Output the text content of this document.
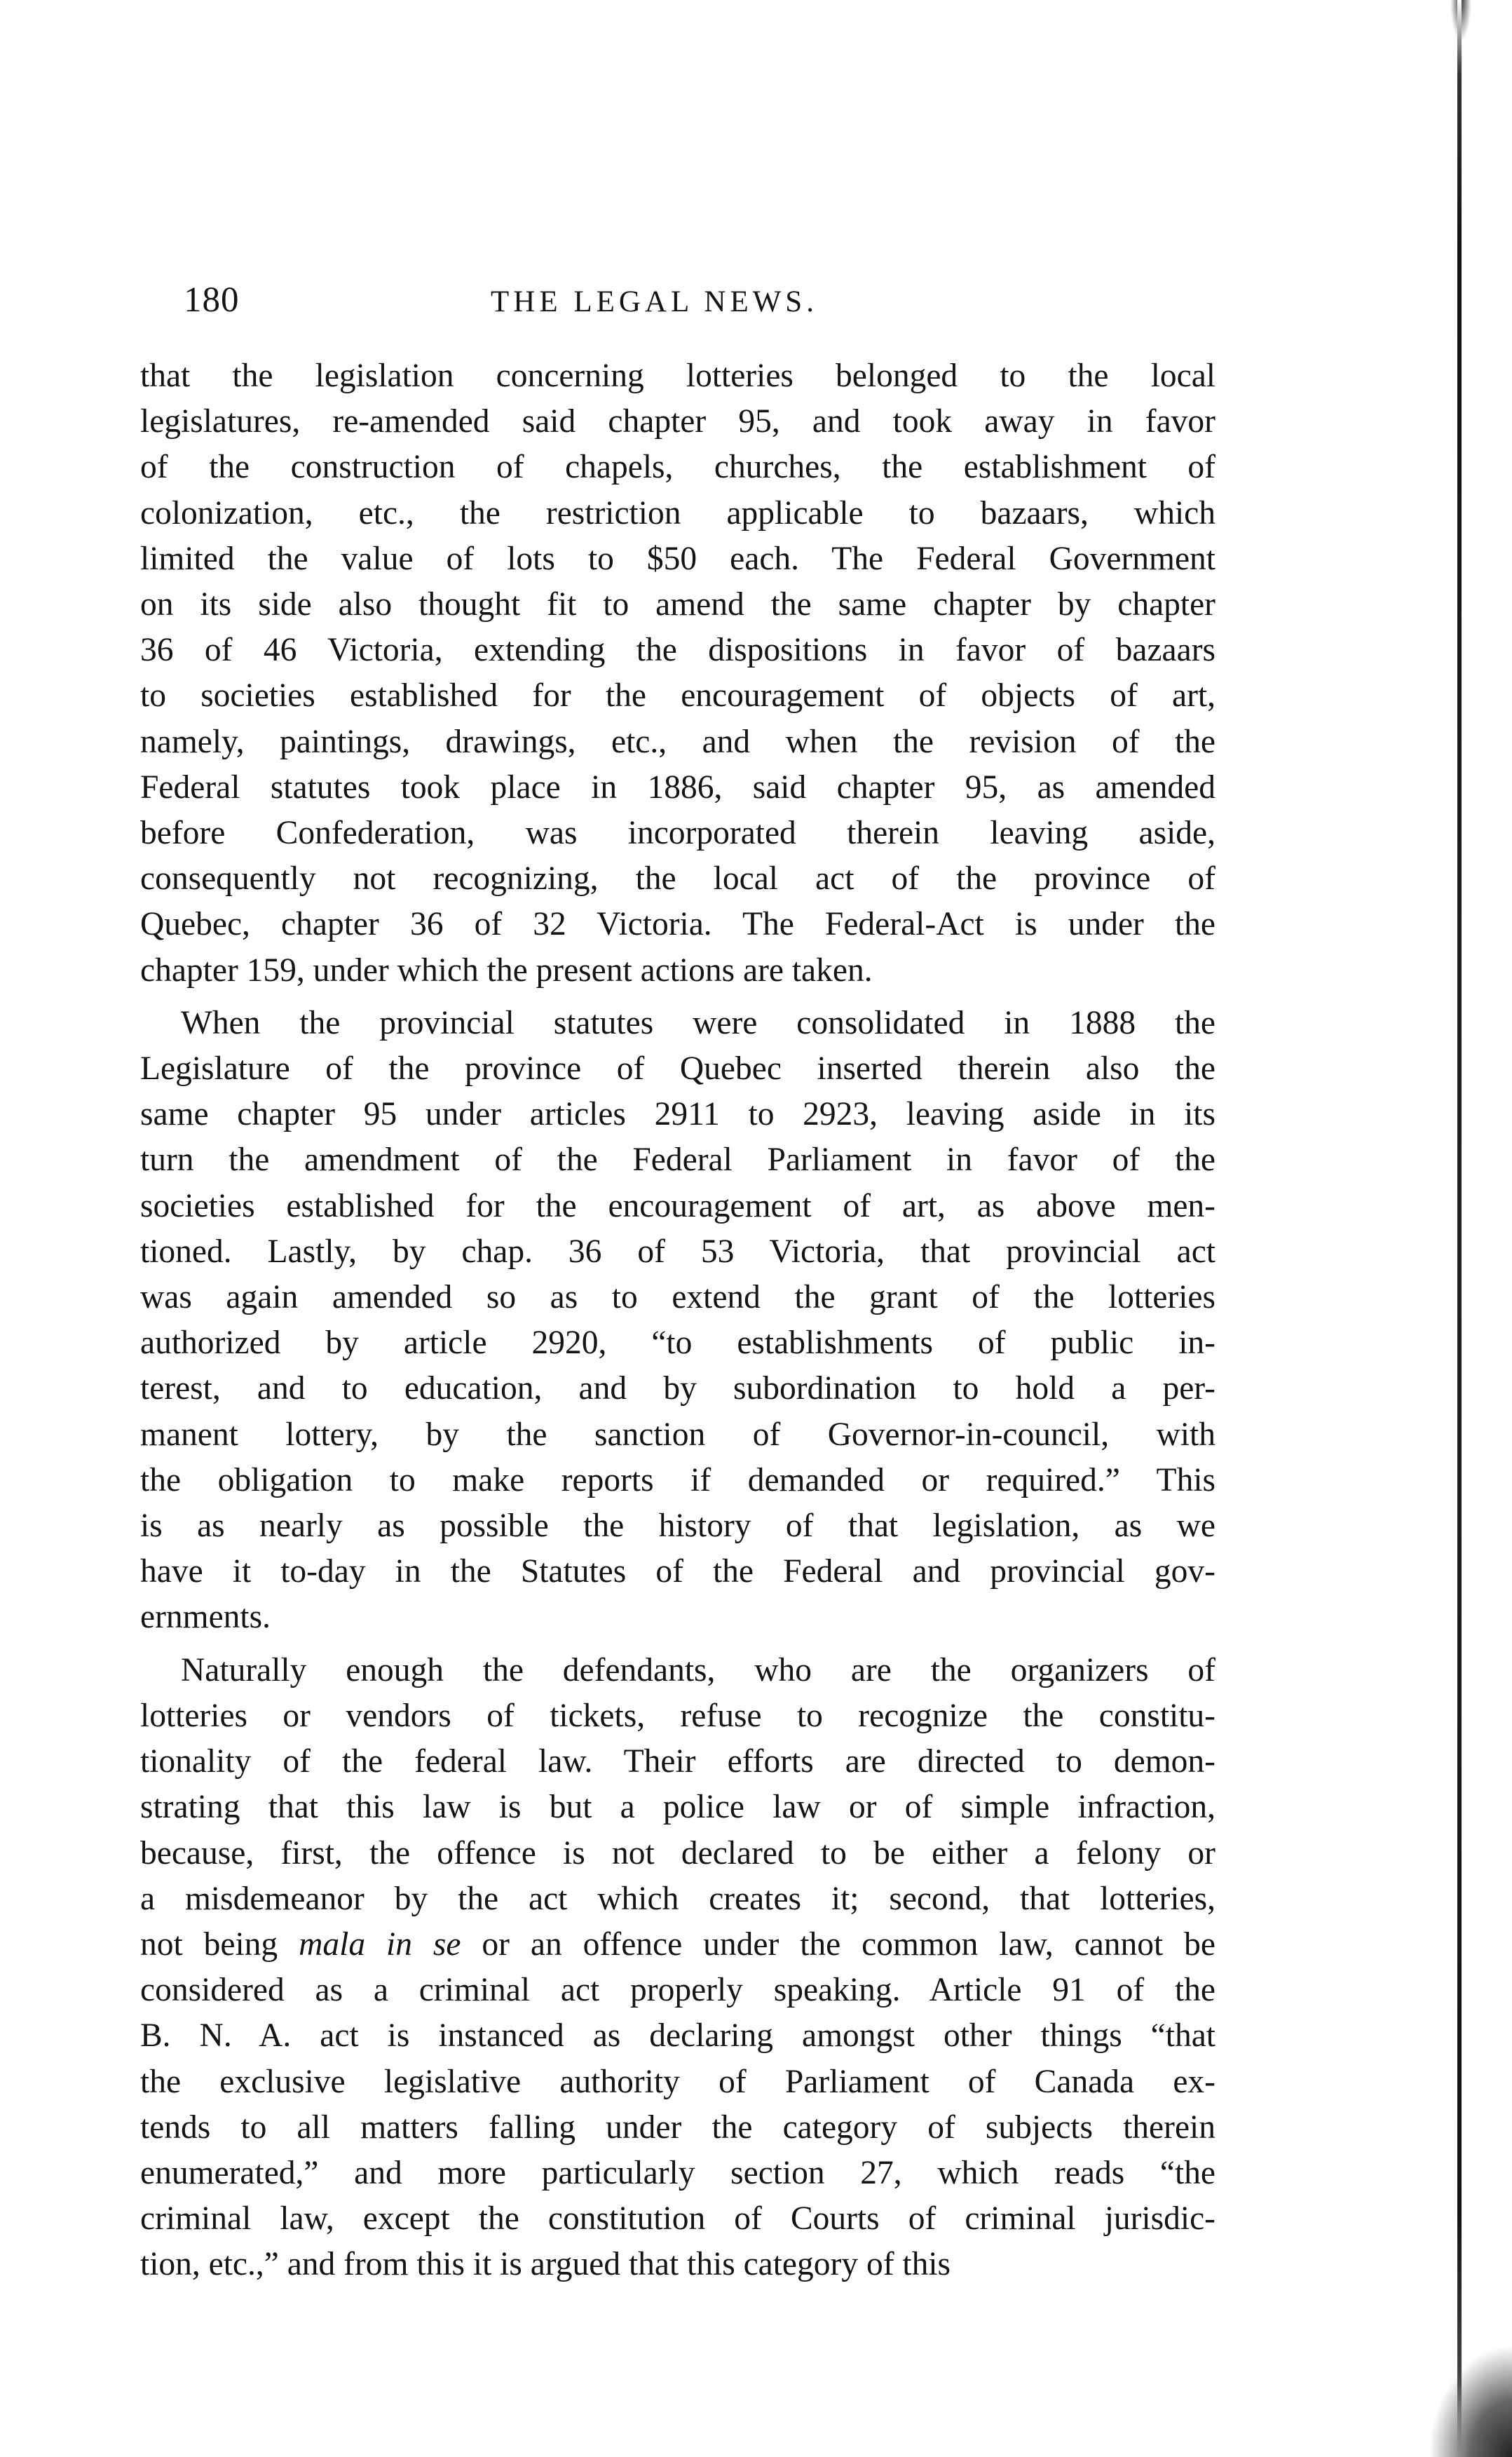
180	THE LEGAL NEWS.
that the legislation concerning lotteries belonged to the local
legislatures, re-amended said chapter 95, and took away in favor
of the construction of chapels, churches, the establishment of
colonization, etc., the restriction applicable to bazaars, which
limited the value of lots to $50 each. The Federal Government
on its side also thought fit to amend the same chapter by chapter
36 of 46 Victoria, extending the dispositions in favor of bazaars
to societies established for the encouragement of objects of art,
namely, paintings, drawings, etc., and when the revision of the
Federal statutes took place in 1886, said chapter 95, as amended
before Confederation, was incorporated therein leaving aside,
consequently not recognizing, the local act of the province of
Quebec, chapter 36 of 32 Victoria. The Federal-Act is under the
chapter 159, under which the present actions are taken.
When the provincial statutes were consolidated in 1888 the
Legislature of the province of Quebec inserted therein also the
same chapter 95 under articles 2911 to 2923, leaving aside in its
turn the amendment of the Federal Parliament in favor of the
societies established for the encouragement of art, as above men-
tioned. Lastly, by chap. 36 of 53 Victoria, that provincial act
was again amended so as to extend the grant of the lotteries
authorized by article 2920, “to establishments of public in-
terest, and to education, and by subordination to hold a per-
manent lottery, by the sanction of Governor-in-council, with
the obligation to make reports if demanded or required.” This
is as nearly as possible the history of that legislation, as we
have it to-day in the Statutes of the Federal and provincial gov-
ernments.
Naturally enough the defendants, who are the organizers of
lotteries or vendors of tickets, refuse to recognize the constitu-
tionality of the federal law. Their efforts are directed to demon-
strating that this law is but a police law or of simple infraction,
because, first, the offence is not declared to be either a felony or
a misdemeanor by the act which creates it; second, that lotteries,
not being mala in se or an offence under the common law, cannot be
considered as a criminal act properly speaking. Article 91 of the
B. N. A. act is instanced as declaring amongst other things “that
the exclusive legislative authority of Parliament of Canada ex-
tends to all matters falling under the category of subjects therein
enumerated,” and more particularly section 27, which reads “the
criminal law, except the constitution of Courts of criminal jurisdic-
tion, etc.,” and from this it is argued that this category of this
